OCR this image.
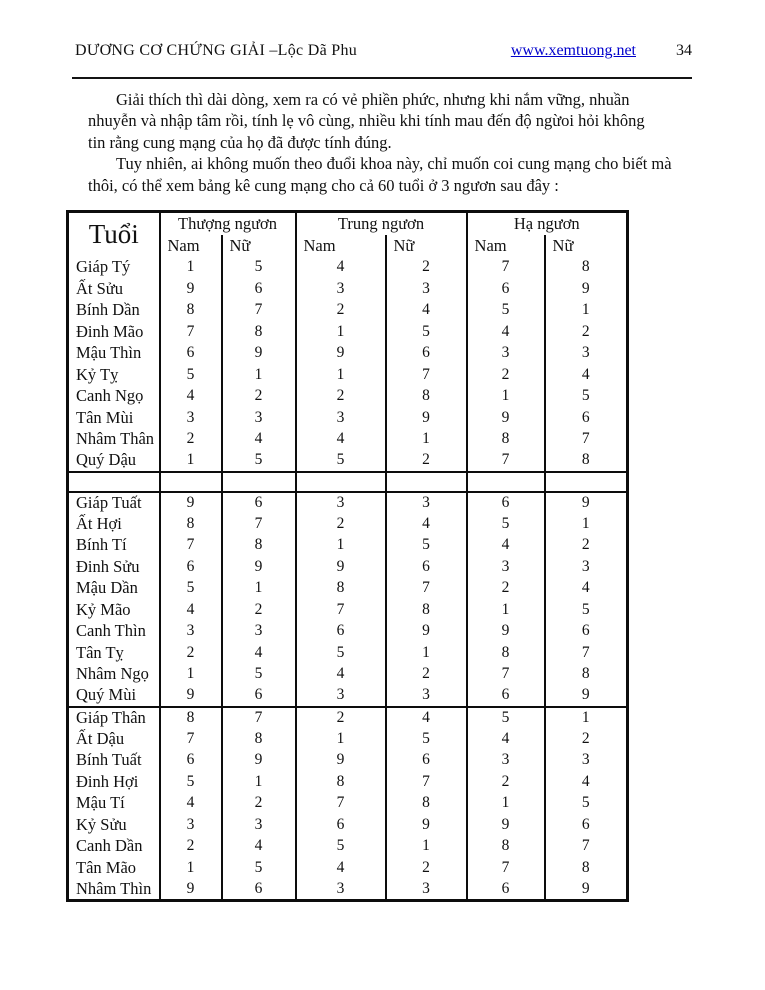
DƯƠNG CƠ CHỨNG GIẢI –Lộc Dã Phu	www.xemtuong.net	34
Giải thích thì dài dòng, xem ra có vẻ phiền phức, nhưng khi nắm vững, nhuần
nhuyễn và nhập tâm rồi, tính lẹ vô cùng, nhiều khi tính mau đến độ ngừoi hỏi không
tin rằng cung mạng của họ đã được tính đúng.
Tuy nhiên, ai không muốn theo đuổi khoa này, chỉ muốn coi cung mạng cho biết mà
thôi, có thể xem bảng kê cung mạng cho cả 60 tuổi ở 3 ngươn sau đây :
Tuổi	Thượng ngươn		Trung ngươn		Hạ ngươn	
	Nam	Nữ	Nam	Nữ	Nam	Nữ
Giáp Tý	1	5	4	2	7	8
Ất Sửu	9	6	3	3	6	9
Bính Dần	8	7	2	4	5	1
Đinh Mão	7	8	1	5	4	2
Mậu Thìn	6	9	9	6	3	3
Kỷ Tỵ	5	1	1	7	2	4
Canh Ngọ	4	2	2	8	1	5
Tân Mùi	3	3	3	9	9	6
Nhâm Thân	2	4	4	1	8	7
Quý Dậu	1	5	5	2	7	8

Giáp Tuất	9	6	3	3	6	9
Ất Hợi	8	7	2	4	5	1
Bính Tí	7	8	1	5	4	2
Đinh Sửu	6	9	9	6	3	3
Mậu Dần	5	1	8	7	2	4
Kỷ Mão	4	2	7	8	1	5
Canh Thìn	3	3	6	9	9	6
Tân Tỵ	2	4	5	1	8	7
Nhâm Ngọ	1	5	4	2	7	8
Quý Mùi	9	6	3	3	6	9
Giáp Thân	8	7	2	4	5	1
Ất Dậu	7	8	1	5	4	2
Bính Tuất	6	9	9	6	3	3
Đinh Hợi	5	1	8	7	2	4
Mậu Tí	4	2	7	8	1	5
Kỷ Sửu	3	3	6	9	9	6
Canh Dần	2	4	5	1	8	7
Tân Mão	1	5	4	2	7	8
Nhâm Thìn	9	6	3	3	6	9
